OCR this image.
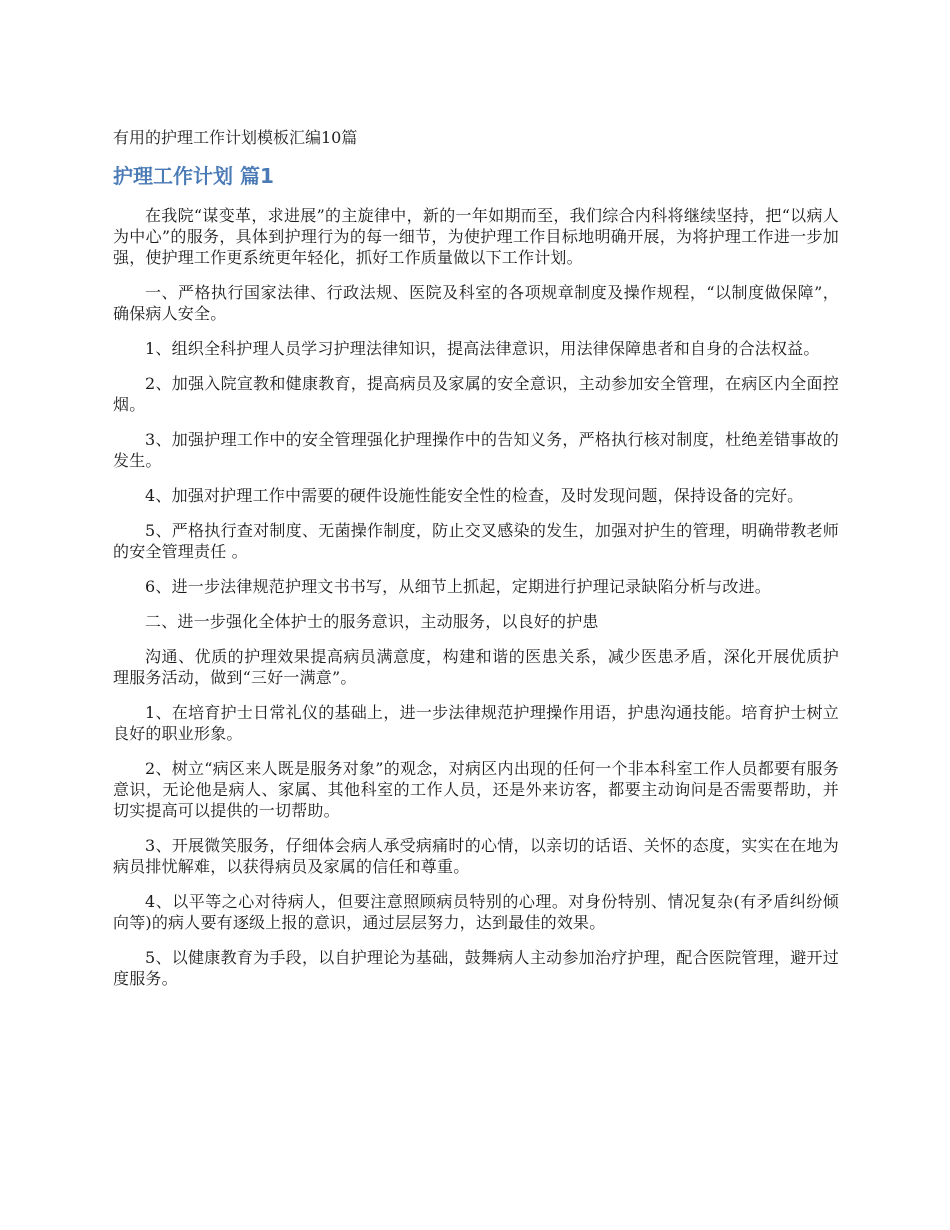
有用的护理工作计划模板汇编10篇
护理工作计划 篇1

在我院“谋变革，求进展”的主旋律中，新的一年如期而至，我们综合内科将继续坚持，把“以病人为中心”的服务，具体到护理行为的每一细节，为使护理工作目标地明确开展，为将护理工作进一步加强，使护理工作更系统更年轻化，抓好工作质量做以下工作计划。

一、严格执行国家法律、行政法规、医院及科室的各项规章制度及操作规程，“以制度做保障”，确保病人安全。

1、组织全科护理人员学习护理法律知识，提高法律意识，用法律保障患者和自身的合法权益。

2、加强入院宣教和健康教育，提高病员及家属的安全意识，主动参加安全管理，在病区内全面控烟。

3、加强护理工作中的安全管理强化护理操作中的告知义务，严格执行核对制度，杜绝差错事故的发生。

4、加强对护理工作中需要的硬件设施性能安全性的检查，及时发现问题，保持设备的完好。

5、严格执行查对制度、无菌操作制度，防止交叉感染的发生，加强对护生的管理，明确带教老师的安全管理责任 。

6、进一步法律规范护理文书书写，从细节上抓起，定期进行护理记录缺陷分析与改进。

二、进一步强化全体护士的服务意识，主动服务，以良好的护患

沟通、优质的护理效果提高病员满意度，构建和谐的医患关系，减少医患矛盾，深化开展优质护理服务活动，做到“三好一满意”。

1、在培育护士日常礼仪的基础上，进一步法律规范护理操作用语，护患沟通技能。培育护士树立良好的职业形象。

2、树立“病区来人既是服务对象”的观念，对病区内出现的任何一个非本科室工作人员都要有服务意识，无论他是病人、家属、其他科室的工作人员，还是外来访客，都要主动询问是否需要帮助，并切实提高可以提供的一切帮助。

3、开展微笑服务，仔细体会病人承受病痛时的心情，以亲切的话语、关怀的态度，实实在在地为病员排忧解难，以获得病员及家属的信任和尊重。

4、以平等之心对待病人，但要注意照顾病员特别的心理。对身份特别、情况复杂(有矛盾纠纷倾向等)的病人要有逐级上报的意识，通过层层努力，达到最佳的效果。

5、以健康教育为手段，以自护理论为基础，鼓舞病人主动参加治疗护理，配合医院管理，避开过度服务。
